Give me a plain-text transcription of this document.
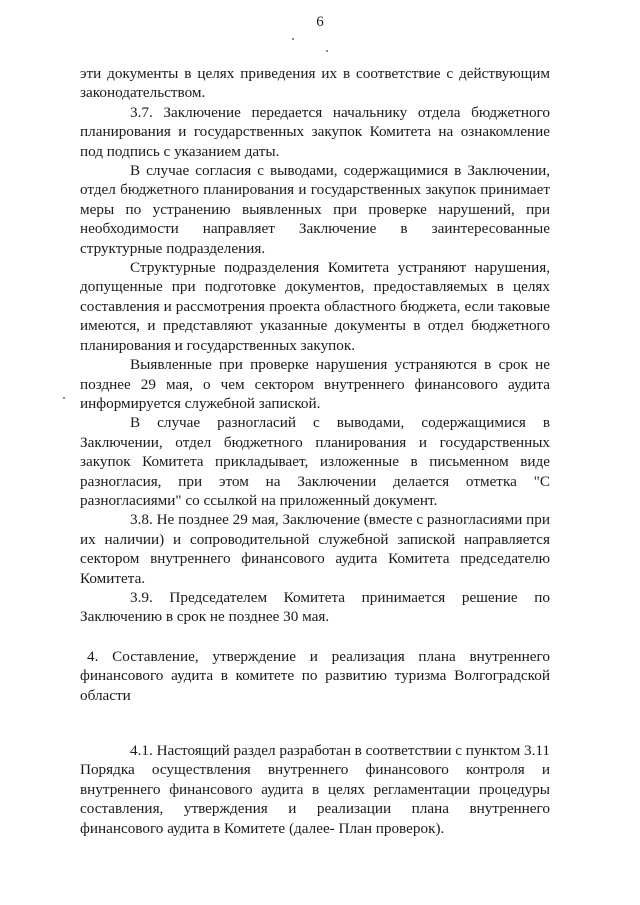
6

эти документы в целях приведения их в соответствие с действующим законодательством.

3.7. Заключение передается начальнику отдела бюджетного планирования и государственных закупок Комитета на ознакомление под подпись с указанием даты.

В случае согласия с выводами, содержащимися в Заключении, отдел бюджетного планирования и государственных закупок принимает меры по устранению выявленных при проверке нарушений, при необходимости направляет Заключение в заинтересованные структурные подразделения.

Структурные подразделения Комитета устраняют нарушения, допущенные при подготовке документов, предоставляемых в целях составления и рассмотрения проекта областного бюджета, если таковые имеются, и представляют указанные документы в отдел бюджетного планирования и государственных закупок.

Выявленные при проверке нарушения устраняются в срок не позднее 29 мая, о чем сектором внутреннего финансового аудита информируется служебной запиской.

В случае разногласий с выводами, содержащимися в Заключении, отдел бюджетного планирования и государственных закупок Комитета прикладывает, изложенные в письменном виде разногласия, при этом на Заключении делается отметка "С разногласиями" со ссылкой на приложенный документ.

3.8. Не позднее 29 мая, Заключение (вместе с разногласиями при их наличии) и сопроводительной служебной запиской направляется сектором внутреннего финансового аудита Комитета председателю Комитета.

3.9. Председателем Комитета принимается решение по Заключению в срок не позднее 30 мая.

4. Составление, утверждение и реализация плана внутреннего финансового аудита в комитете по развитию туризма Волгоградской области

4.1. Настоящий раздел разработан в соответствии с пунктом 3.11 Порядка осуществления внутреннего финансового контроля и внутреннего финансового аудита в целях регламентации процедуры составления, утверждения и реализации плана внутреннего финансового аудита в Комитете (далее- План проверок).
